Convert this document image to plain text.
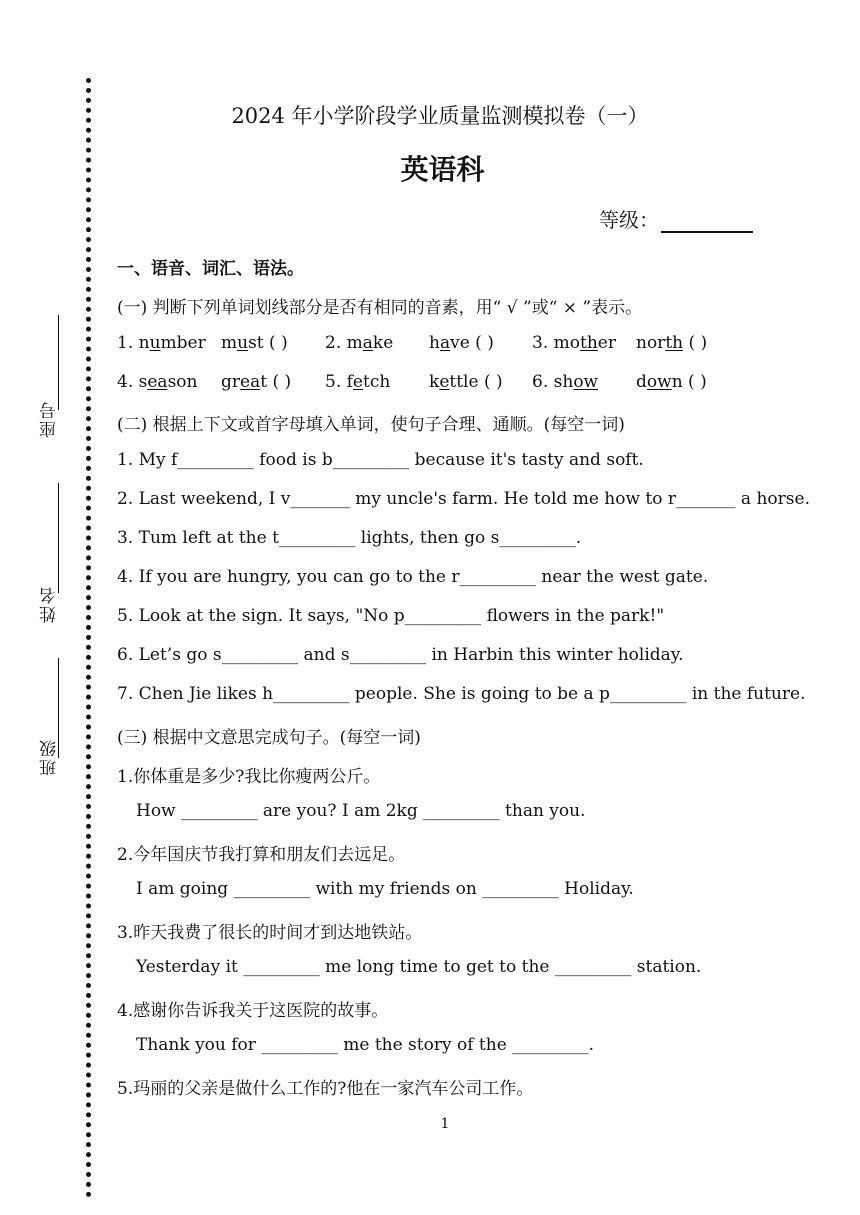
座号
姓名
班级
2024 年小学阶段学业质量监测模拟卷（一）
英语科
等级：
一、语音、词汇、语法。
(一) 判断下列单词划线部分是否有相同的音素，用“ √ ”或“ × ”表示。
1. number must ( ) 2. make have ( ) 3. mother north ( )
4. season great ( ) 5. fetch kettle ( ) 6. show down ( )
(二) 根据上下文或首字母填入单词，使句子合理、通顺。(每空一词)
1. My f_________ food is b_________ because it's tasty and soft.
2. Last weekend, I v_______ my uncle's farm. He told me how to r_______ a horse.
3. Tum left at the t_________ lights, then go s_________.
4. If you are hungry, you can go to the r_________ near the west gate.
5. Look at the sign. It says, "No p_________ flowers in the park!"
6. Let’s go s_________ and s_________ in Harbin this winter holiday.
7. Chen Jie likes h_________ people. She is going to be a p_________ in the future.
(三) 根据中文意思完成句子。(每空一词)
1.你体重是多少?我比你瘦两公斤。
How _________ are you? I am 2kg _________ than you.
2.今年国庆节我打算和朋友们去远足。
I am going _________ with my friends on _________ Holiday.
3.昨天我费了很长的时间才到达地铁站。
Yesterday it _________ me long time to get to the _________ station.
4.感谢你告诉我关于这医院的故事。
Thank you for _________ me the story of the _________.
5.玛丽的父亲是做什么工作的?他在一家汽车公司工作。
1
